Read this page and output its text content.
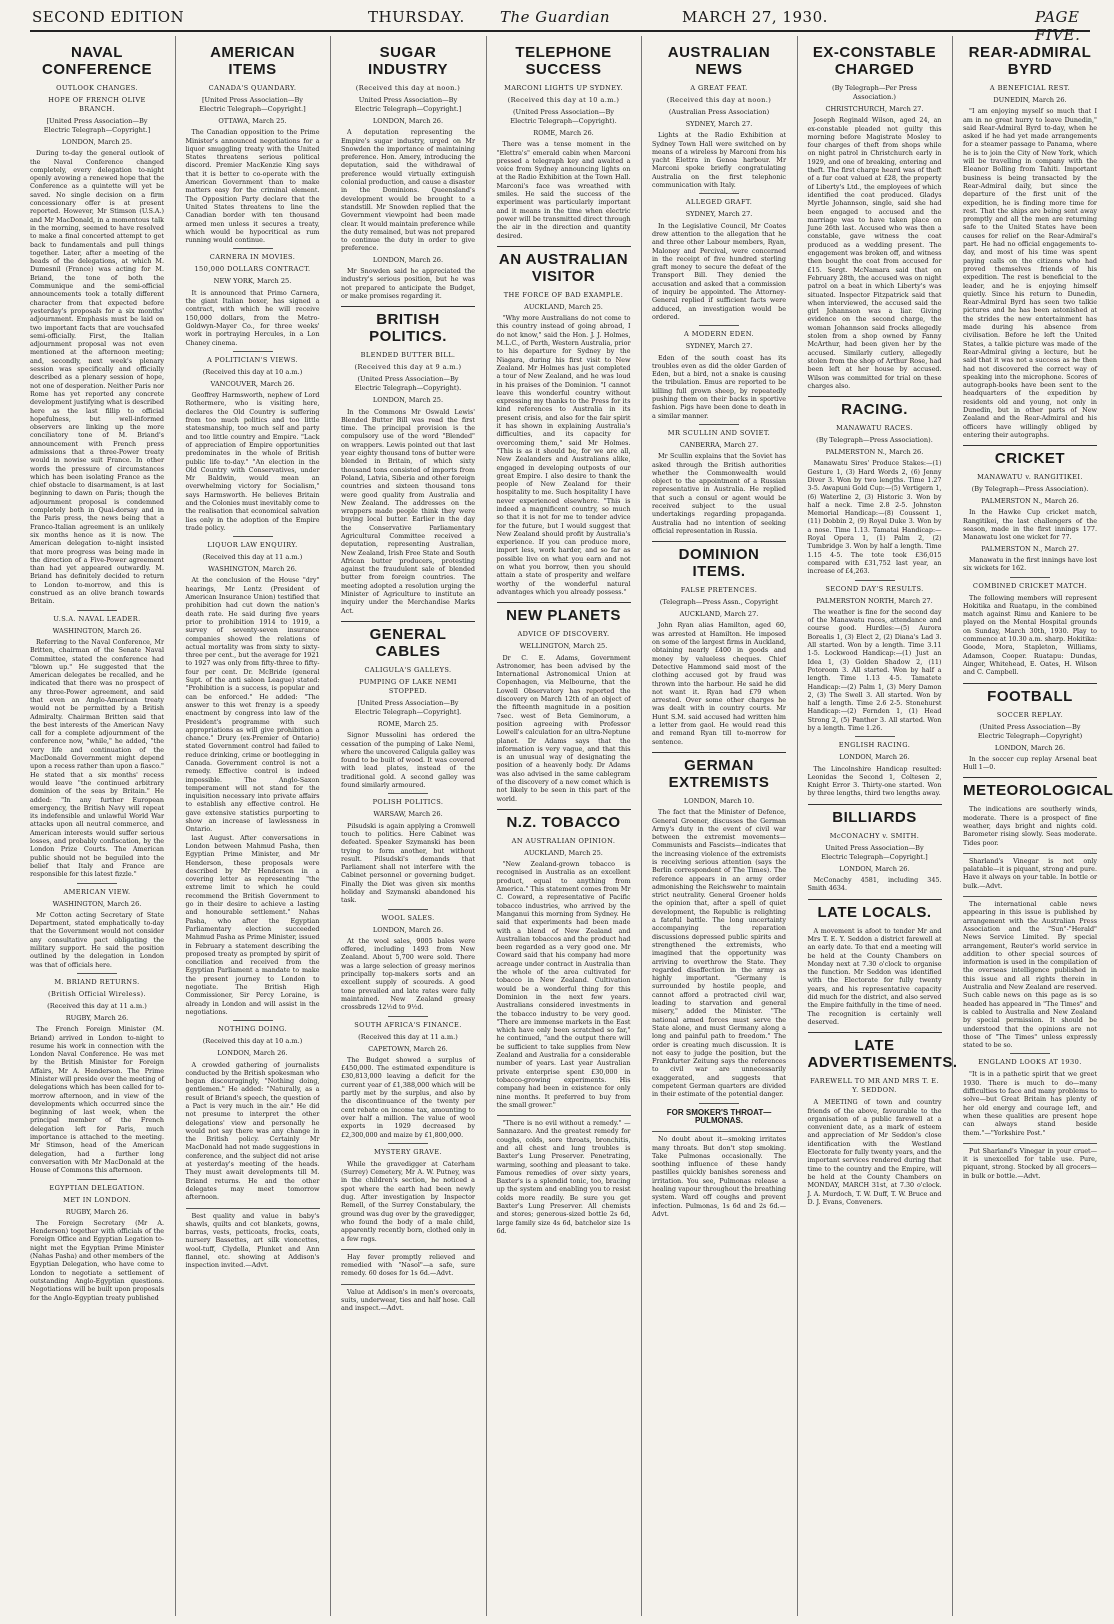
SECOND EDITION	THURSDAY. The Guardian	MARCH 27, 1930.	PAGE FIVE.
NAVAL CONFERENCE
OUTLOOK CHANGES.
HOPE OF FRENCH OLIVE BRANCH.
[United Press Association—By Electric Telegraph—Copyright.]
LONDON, March 25.
During to-day the general outlook of the Naval Conference changed completely, every delegation to-night openly avowing a renewed hope that the Conference as a quintette will yet be saved. No single decision on a firm concessionary offer is at present reported. However, Mr Stimson (U.S.A.) and Mr MacDonald, in a momentous talk in the morning, seemed to have resolved to make a final concerted attempt to get back to fundamentals and pull things together. Later, after a meeting of the heads of the delegations, at which M. Dumesnil (France) was acting for M. Briand, the tone of both the Communique and the semi-official announcements took a totally different character from that expected before yesterday's proposals for a six months' adjournment. Emphasis must be laid on two important facts that are vouchsafed semi-officially. First, the Italian adjournment proposal was not even mentioned at the afternoon meeting; and, secondly, next week's plenary session was specifically and officially described as a plenary session of hope, not one of desperation. Neither Paris nor Rome has yet reported any concrete development justifying what is described here as the last fillip to official hopefulness, but well-informed observers are linking up the more conciliatory tone of M. Briand's announcement with French press admissions that a three-Power treaty would in nowise suit France. In other words the pressure of circumstances which has been isolating France as the chief obstacle to disarmament, is at last beginning to dawn on Paris; though the adjournment proposal is condemned completely both in Quai-dorsay and in the Paris press, the news being that a Franco-Italian agreement is an unlikely six months hence as it is now. The American delegation to-night insisted that more progress was being made in the direction of a Five-Power agreement than had yet appeared outwardly. M. Briand has definitely decided to return to London to-morrow, and this is construed as an olive branch towards Britain.
U.S.A. NAVAL LEADER.
WASHINGTON, March 26.
Referring to the Naval Conference, Mr Britten, chairman of the Senate Naval Committee, stated the conference had "blown up." He suggested that the American delegates be recalled, and he indicated that there was no prospect of any three-Power agreement, and said that even an Anglo-American treaty would not be permitted by a British Admiralty. Chairman Britten said that the best interests of the American Navy call for a complete adjournment of the conference now, "while," he added, "the very life and continuation of the MacDonald Government might depend upon a recess rather than upon a fiasco." He stated that a six months' recess would leave "the continued arbitrary dominion of the seas by Britain." He added: "In any further European emergency, the British Navy will repeat its indefensible and unlawful World War attacks upon all neutral commerce, and American interests would suffer serious losses, and probably confiscation, by the London Prize Courts. The American public should not be beguiled into the belief that Italy and France are responsible for this latest fizzle."
AMERICAN VIEW.
WASHINGTON, March 26.
Mr Cotton acting Secretary of State Department, stated emphatically to-day that the Government would not consider any consultative pact obligating the military support. He said the position outlined by the delegation in London was that of officials here.
M. BRIAND RETURNS.
(British Official Wireless).
(Received this day at 11 a.m.)
RUGBY, March 26.
The French Foreign Minister (M. Briand) arrived in London to-night to resume his work in connection with the London Naval Conference. He was met by the British Minister for Foreign Affairs, Mr A. Henderson. The Prime Minister will preside over the meeting of delegations which has been called for to-morrow afternoon, and in view of the developments which occurred since the beginning of last week, when the principal member of the French delegation left for Paris, much importance is attached to the meeting. Mr Stimson, head of the American delegation, had a further long conversation with Mr MacDonald at the House of Commons this afternoon.
EGYPTIAN DELEGATION.
MET IN LONDON.
RUGBY, March 26.
The Foreign Secretary (Mr A. Henderson) together with officials of the Foreign Office and Egyptian Legation to-night met the Egyptian Prime Minister (Nahas Pasha) and other members of the Egyptian Delegation, who have come to London to negotiate a settlement of outstanding Anglo-Egyptian questions. Negotiations will be built upon proposals for the Anglo-Egyptian treaty published
AMERICAN ITEMS
CANADA'S QUANDARY.
[United Press Association—By Electric Telegraph—Copyright.]
OTTAWA, March 25.
The Canadian opposition to the Prime Minister's announced negotiations for a liquor smuggling treaty with the United States threatens serious political discord. Premier MacKenzie King says that it is better to co-operate with the American Government than to make matters easy for the criminal element. The Opposition Party declare that the United States threatens to line the Canadian border with ten thousand armed men unless it secures a treaty, which would be hypocritical as rum running would continue.
CARNERA IN MOVIES.
150,000 DOLLARS CONTRACT.
NEW YORK, March 25.
It is announced that Primo Carnera, the giant Italian boxer, has signed a contract, with which he will receive 150,000 dollars, from the Metro-Goldwyn-Mayer Co., for three weeks' work in portraying Hercules, in a Lon Chaney cinema.
A POLITICIAN'S VIEWS.
(Received this day at 10 a.m.)
VANCOUVER, March 26.
Geoffrey Harmsworth, nephew of Lord Rothermere, who is visiting here, declares the Old Country is suffering from too much politics and too little statesmanship, too much self and party and too little country and Empire. "Lack of appreciation of Empire opportunities predominates in the whole of British public life to-day." "An election in the Old Country with Conservatives, under Mr Baldwin, would mean an overwhelming victory for Socialism," says Harmsworth. He believes Britain and the Colonies must inevitably come to the realisation that economical salvation lies only in the adoption of the Empire trade policy.
LIQUOR LAW ENQUIRY.
(Received this day at 11 a.m.)
WASHINGTON, March 26.
At the conclusion of the House "dry" hearings, Mr Lentz (President of American Insurance Union) testified that prohibition had cut down the nation's death rate. He said during five years prior to prohibition 1914 to 1919, a survey of seventy-seven insurance companies showed the relations of actual mortality was from sixty to sixty-three per cent., but the average for 1921 to 1927 was only from fifty-three to fifty-four per cent. Dr. McBride (general Supt. of the anti saloon League) stated: "Prohibition is a success, is popular and can be enforced." He added: "The answer to this wet frenzy is a speedy enactment by congress into law of the President's programme with such appropriations as will give prohibition a chance." Drury (ex-Premier of Ontario) stated Government control had failed to reduce drinking, crime or bootlegging in Canada. Government control is not a remedy. Effective control is indeed impossible. The Anglo-Saxon temperament will not stand for the inquisition necessary into private affairs to establish any effective control. He gave extensive statistics purporting to show an increase of lawlessness in Ontario.
last August. After conversations in London between Mahmud Pasha, then Egyptian Prime Minister, and Mr Henderson, these proposals were described by Mr Henderson in a covering letter as representing "the extreme limit to which he could recommend the British Government to go in their desire to achieve a lasting and honourable settlement." Nahas Pasha, who after the Egyptian Parliamentary election succeeded Mahmud Pasha as Prime Minister, issued in February a statement describing the proposed treaty as prompted by spirit of conciliation and received from the Egyptian Parliament a mandate to make the present journey to London to negotiate. The British High Commissioner, Sir Percy Loraine, is already in London and will assist in the negotiations.
NOTHING DOING.
(Received this day at 10 a.m.)
LONDON, March 26.
A crowded gathering of journalists conducted by the British spokesman who began discouragingly, "Nothing doing, gentlemen." He added: "Naturally, as a result of Briand's speech, the question of a Pact is very much in the air." He did not presume to interpret the other delegations' view and personally he would not say there was any change in the British policy. Certainly Mr MacDonald had not made suggestions in conference, and the subject did not arise at yesterday's meeting of the heads. They must await developments till M. Briand returns. He and the other delegates may meet tomorrow afternoon.
Best quality and value in baby's shawls, quilts and cot blankets, gowns, barras, vests, petticoats, frocks, coats, nursery Bassettes, art silk vioncettes, wool-tuff, Clydella, Plunket and Ann flannel, etc. showing at Addison's inspection invited.—Advt.
SUGAR INDUSTRY
(Received this day at noon.)
United Press Association—By Electric Telegraph—Copyright.]
LONDON, March 26.
A deputation representing the Empire's sugar industry, urged on Mr Snowden the importance of maintaining preference. Hon. Amery, introducing the deputation, said the withdrawal of preference would virtually extinguish colonial production, and cause a disaster in the Dominions. Queensland's development would be brought to a standstill. Mr Snowden replied that the Government viewpoint had been made clear. It would maintain preference while the duty remained, but was not prepared to continue the duty in order to give preference.
LONDON, March 26.
Mr Snowden said he appreciated the industry's serious position, but he was not prepared to anticipate the Budget, or make promises regarding it.
BRITISH POLITICS.
BLENDED BUTTER BILL.
(Received this day at 9 a.m.)
(United Press Association—By Electric Telegraph—Copyright).
LONDON, March 25.
In the Commons Mr Oswald Lewis' Blended Butter Bill was read the first time. The principal provision is the compulsory use of the word "Blended" on wrappers. Lewis pointed out that last year eighty thousand tons of butter were blended in Britain, of which sixty thousand tons consisted of imports from Poland, Latvia, Siberia and other foreign countries and sixteen thousand tons were good quality from Australia and New Zealand. The addresses on the wrappers made people think they were buying local butter. Earlier in the day the Conservative Parliamentary Agricultural Committee received a deputation, representing Australian, New Zealand, Irish Free State and South African butter producers, protesting against the fraudulent sale of blended butter from foreign countries. The meeting adopted a resolution urging the Minister of Agriculture to institute an inquiry under the Merchandise Marks Act.
GENERAL CABLES
CALIGULA'S GALLEYS.
PUMPING OF LAKE NEMI STOPPED.
[United Press Association—By Electric Telegraph—Copyright].
ROME, March 25.
Signor Mussolini has ordered the cessation of the pumping of Lake Nemi, where the uncovered Caligula galley was found to be built of wood. It was covered with lead plates, instead of the traditional gold. A second galley was found similarly armoured.
POLISH POLITICS.
WARSAW, March 26.
Pilsudski is again applying a Cromwell touch to politics. Here Cabinet was defeated. Speaker Szymanski has been trying to form another, but without result. Pilsudski's demands that Parliament shall not interfere with the Cabinet personnel or governing budget. Finally the Diet was given six months holiday and Szymanski abandoned his task.
WOOL SALES.
LONDON, March 26.
At the wool sales, 9005 bales were offered, including 1493 from New Zealand. About 5,700 were sold. There was a large selection of greasy merinos principally top-makers sorts and an excellent supply of scoureds. A good tone prevailed and late rates were fully maintained. New Zealand greasy crossbreds 12½d to 9½d.
SOUTH AFRICA'S FINANCE.
(Received this day at 11 a.m.)
CAPETOWN, March 26.
The Budget showed a surplus of £450,000. The estimated expenditure is £30,813,000 leaving a deficit for the current year of £1,388,000 which will be partly met by the surplus, and also by the discontinuance of the twenty per cent rebate on income tax, amounting to over half a million. The value of wool exports in 1929 decreased by £2,300,000 and maize by £1,800,000.
MYSTERY GRAVE.
While the gravedigger at Caterham (Surrey) Cemetery, Mr A. W. Putney, was in the children's section, he noticed a spot where the earth had been newly dug. After investigation by Inspector Remell, of the Surrey Constabulary, the ground was dug over by the gravedigger, who found the body of a male child, apparently recently born, clothed only in a few rags.
Hay fever promptly relieved and remedied with "Nasol"—a safe, sure remedy. 60 doses for 1s 6d.—Advt.
Value at Addison's in men's overcoats, suits, underwear, ties and half hose. Call and inspect.—Advt.
TELEPHONE SUCCESS
MARCONI LIGHTS UP SYDNEY.
(Received this day at 10 a.m.)
(United Press Association—By Electric Telegraph—Copyright).
ROME, March 26.
There was a tense moment in the "Elettra's" emerald cabin when Marconi pressed a telegraph key and awaited a voice from Sydney announcing lights on at the Radio Exhibition at the Town Hall. Marconi's face was wreathed with smiles. He said the success of the experiment was particularly important and it means in the time when electric power will be transmitted direct through the air in the direction and quantity desired.
AN AUSTRALIAN VISITOR
THE FORCE OF BAD EXAMPLE.
AUCKLAND, March 25.
"Why more Australians do not come to this country instead of going abroad, I do not know," said the Hon. J. J. Holmes, M.L.C., of Perth, Western Australia, prior to his departure for Sydney by the Niagara, during his first visit to New Zealand. Mr Holmes has just completed a tour of New Zealand, and he was loud in his praises of the Dominion. "I cannot leave this wonderful country without expressing my thanks to the Press for its kind references to Australia in its present crisis, and also for the fair spirit it has shown in explaining Australia's difficulties, and its capacity for overcoming them," said Mr Holmes. "This is as it should be, for we are all, New Zealanders and Australians alike, engaged in developing outposts of our great Empire. I also desire to thank the people of New Zealand for their hospitality to me. Such hospitality I have never experienced elsewhere. "This is indeed a magnificent country, so much so that it is not for me to tender advice for the future, but I would suggest that New Zealand should profit by Australia's experience. If you can produce more, import less, work harder, and so far as possible live on what you earn and not on what you borrow, then you should attain a state of prosperity and welfare worthy of the wonderful natural advantages which you already possess."
NEW PLANETS
ADVICE OF DISCOVERY.
WELLINGTON, March 25.
Dr C. E. Adams, Government Astronomer, has been advised by the International Astronomical Union at Copenhagen, via Melbourne, that the Lowell Observatory has reported the discovery on March 12th of an object of the fifteenth magnitude in a position 7sec. west of Beta Geminorum, a position agreeing with Professor Lowell's calculation for an ultra-Neptune planet. Dr Adams says that the information is very vague, and that this is an unusual way of designating the position of a heavenly body. Dr Adams was also advised in the same cablegram of the discovery of a new comet which is not likely to be seen in this part of the world.
N.Z. TOBACCO
AN AUSTRALIAN OPINION.
AUCKLAND, March 25.
"New Zealand-grown tobacco is recognised in Australia as an excellent product, equal to anything from America." This statement comes from Mr C. Coward, a representative of Pacific tobacco industries, who arrived by the Manganui this morning from Sydney. He said that experiments had been made with a blend of New Zealand and Australian tobaccos and the product had been regarded as a very good one. Mr Coward said that his company had more acreage under contract in Australia than the whole of the area cultivated for tobacco in New Zealand. Cultivation would be a wonderful thing for this Dominion in the next few years. Australians considered investments in the tobacco industry to be very good. "There are immense markets in the East which have only been scratched so far," he continued, "and the output there will be sufficient to take supplies from New Zealand and Australia for a considerable number of years. Last year Australian private enterprise spent £30,000 in tobacco-growing experiments. His company had been in existence for only nine months. It preferred to buy from the small grower."
"There is no evil without a remedy." —Sannazaro. And the greatest remedy for coughs, colds, sore throats, bronchitis, and all chest and lung troubles is Baxter's Lung Preserver. Penetrating, warming, soothing and pleasant to take. Famous remedies of over sixty years, Baxter's is a splendid tonic, too, bracing up the system and enabling you to resist colds more readily. Be sure you get Baxter's Lung Preserver. All chemists and stores; generous-sized bottle 2s 6d, large family size 4s 6d, batchelor size 1s 6d.
AUSTRALIAN NEWS
A GREAT FEAT.
(Received this day at noon.)
(Australian Press Association)
SYDNEY, March 27.
Lights at the Radio Exhibition at Sydney Town Hall were switched on by means of a wireless by Marconi from his yacht Elettra in Genoa harbour. Mr Marconi spoke briefly congratulating Australia on the first telephonic communication with Italy.
ALLEGED GRAFT.
SYDNEY, March 27.
In the Legislative Council, Mr Coates drew attention to the allegation that he and three other Labour members, Ryan, Maloney and Percival, were concerned in the receipt of five hundred sterling graft money to secure the defeat of the Transport Bill. They denied the accusation and asked that a commission of inquiry be appointed. The Attorney-General replied if sufficient facts were adduced, an investigation would be ordered.
A MODERN EDEN.
SYDNEY, March 27.
Eden of the south coast has its troubles even as did the older Garden of Eden, but a bird, not a snake is causing the tribulation. Emus are reported to be killing full grown sheep, by repeatedly pushing them on their backs in sportive fashion. Pigs have been done to death in a similar manner.
MR SCULLIN AND SOVIET.
CANBERRA, March 27.
Mr Scullin explains that the Soviet has asked through the British authorities whether the Commonwealth would object to the appointment of a Russian representative in Australia. He replied that such a consul or agent would be received subject to the usual undertakings regarding propaganda. Australia had no intention of seeking official representation in Russia.
DOMINION ITEMS.
FALSE PRETENCES.
(Telegraph—Press Assn., Copyright
AUCKLAND, March 27.
John Ryan alias Hamilton, aged 60, was arrested at Hamilton. He imposed on some of the largest firms in Auckland, obtaining nearly £400 in goods and money by valueless cheques. Chief Detective Hammond said most of the clothing accused got by fraud was thrown into the harbour. He said he did not want it. Ryan had £79 when arrested. Over some other charges he was dealt with in country courts. Mr Hunt S.M. said accused had written him a letter from gaol. He would read this and remand Ryan till to-morrow for sentence.
GERMAN EXTREMISTS
LONDON, March 10.
The fact that the Minister of Defence, General Groener, discusses the German Army's duty in the event of civil war between the extremist movements—Communists and Fascists—indicates that the increasing violence of the extremists is receiving serious attention (says the Berlin correspondent of The Times). The reference appears in an army order admonishing the Reichswehr to maintain strict neutrality. General Groener holds the opinion that, after a spell of quiet development, the Republic is relighting a fateful battle. The long uncertainty accompanying the reparation discussions depressed public spirits and strengthened the extremists, who imagined that the opportunity was arriving to overthrow the State. They regarded disaffection in the army as highly important. "Germany is surrounded by hostile people, and cannot afford a protracted civil war, leading to starvation and general misery," added the Minister. "The national armed forces must serve the State alone, and must Germany along a long and painful path to freedom." The order is creating much discussion. It is not easy to judge the position, but the Frankfurter Zeitung says the references to civil war are unnecessarily exaggerated, and suggests that competent German quarters are divided in their estimate of the potential danger.
FOR SMOKER'S THROAT—PULMONAS.
No doubt about it—smoking irritates many throats. But don't stop smoking. Take Pulmonas occasionally. The soothing influence of these handy pastilles quickly banishes soreness and irritation. You see, Pulmonas release a healing vapour throughout the breathing system. Ward off coughs and prevent infection. Pulmonas, 1s 6d and 2s 6d.—Advt.
EX-CONSTABLE CHARGED
(By Telegraph—Per Press Association.)
CHRISTCHURCH, March 27.
Joseph Reginald Wilson, aged 24, an ex-constable pleaded not guilty this morning before Magistrate Mosley to four charges of theft from shops while on night patrol in Christchurch early in 1929, and one of breaking, entering and theft. The first charge heard was of theft of a fur coat valued at £28, the property of Liberty's Ltd., the employees of which identified the coat produced. Gladys Myrtle Johannson, single, said she had been engaged to accused and the marriage was to have taken place on June 26th last. Accused who was then a constable, gave witness the coat produced as a wedding present. The engagement was broken off, and witness then bought the coat from accused for £15. Sergt. McNamara said that on February 28th, the accused was on night patrol on a beat in which Liberty's was situated. Inspector Fitzpatrick said that when interviewed, the accused said the girl Johannson was a liar. Giving evidence on the second charge, the woman Johannson said frocks allegedly stolen from a shop owned by Fanny McArthur, had been given her by the accused. Similarly cutlery, allegedly stolen from the shop of Arthur Rose, had been left at her house by accused. Wilson was committed for trial on these charges also.
RACING.
MANAWATU RACES.
(By Telegraph—Press Association).
PALMERSTON N., March 26.
Manawatu Sires' Produce Stakes:—(1) Gesture 1, (3) Hard Words 2, (6) Jenny Diver 3. Won by two lengths. Time 1.27 3-5. Awapuni Gold Cup:—(5) Vertigern 1, (6) Waterline 2, (3) Historic 3. Won by half a neck. Time 2.8 2-5. Johnston Memorial Handicap:—(8) Coussent 1, (11) Dobbin 2, (9) Royal Duke 3. Won by a nose. Time 1.13. Tamatai Handicap:—Royal Opera 1, (1) Palm 2, (2) Tumbridge 3. Won by half a length. Time 1.15 4-5. The tote took £36,015 compared with £31,752 last year, an increase of £4,263.
SECOND DAY'S RESULTS.
PALMERSTON NORTH, March 27.
The weather is fine for the second day of the Manawatu races, attendance and course good. Hurdles:—(5) Aurora Borealis 1, (3) Elect 2, (2) Diana's Lad 3. All started. Won by a length. Time 3.11 1-5. Lockwood Handicap:—(1) Just an Idea 1, (3) Golden Shadow 2, (11) Potoroom 3. All started. Won by half a length. Time 1.13 4-5. Tamatete Handicap:—(2) Palm 1, (3) Mery Damon 2, (3) The Swell 3. All started. Won by half a length. Time 2.6 2-5. Stonehurst Handicap:—(2) Fernden 1, (1) Head Strong 2, (5) Panther 3. All started. Won by a length. Time 1.26.
ENGLISH RACING.
LONDON, March 26.
The Lincolnshire Handicap resulted: Leonidas the Second 1, Coltesen 2, Knight Error 3. Thirty-one started. Won by three lengths, third two lengths away.
BILLIARDS
McCONACHY v. SMITH.
United Press Association—By Electric Telegraph—Copyright.]
LONDON, March 26.
McConachy 4581, including 345. Smith 4634.
LATE LOCALS.
A movement is afoot to tender Mr and Mrs T. E. Y. Seddon a district farewell at an early date. To that end a meeting will be held at the County Chambers on Monday next at 7.30 o'clock to organise the function. Mr Seddon was identified with the Electorate for fully twenty years, and his representative capacity did much for the district, and also served the Empire faithfully in the time of need. The recognition is certainly well deserved.
LATE ADVERTISEMENTS.
FAREWELL TO MR AND MRS T. E. Y. SEDDON.
A MEETING of town and country friends of the above, favourable to the organisation of a public farewell at a convenient date, as a mark of esteem and appreciation of Mr Seddon's close identification with the Westland Electorate for fully twenty years, and the important services rendered during that time to the country and the Empire, will be held at the County Chambers on MONDAY, MARCH 31st, at 7.30 o'clock. J. A. Murdoch, T. W. Duff, T. W. Bruce and D. J. Evans, Conveners.
REAR-ADMIRAL BYRD
A BENEFICIAL REST.
DUNEDIN, March 26.
"I am enjoying myself so much that I am in no great hurry to leave Dunedin," said Rear-Admiral Byrd to-day, when he asked if he had yet made arrangements for a steamer passage to Panama, where he is to join the City of New York, which will be travelling in company with the Eleanor Bolling from Tahiti. Important business is being transacted by the Rear-Admiral daily, but since the departure of the first unit of the expedition, he is finding more time for rest. That the ships are being sent away promptly and all the men are returning safe to the United States have been causes for relief on the Rear-Admiral's part. He had no official engagements to-day, and most of his time was spent paying calls on the citizens who had proved themselves friends of his expedition. The rest is beneficial to the leader, and he is enjoying himself quietly. Since his return to Dunedin, Rear-Admiral Byrd has seen two talkie pictures and he has been astonished at the strides the new entertainment has made during his absence from civilisation. Before he left the United States, a talkie picture was made of the Rear-Admiral giving a lecture, but he said that it was not a success as he then had not discovered the correct way of speaking into the microphone. Scores of autograph-books have been sent to the headquarters of the expedition by residents old and young, not only in Dunedin, but in other parts of New Zealand and the Rear-Admiral and his officers have willingly obliged by entering their autographs.
CRICKET
MANAWATU v. RANGITIKEI.
(By Telegraph—Press Association).
PALMERSTON N., March 26.
In the Hawke Cup cricket match, Rangitikei, the last challengers of the season, made in the first innings 177. Manawatu lost one wicket for 77.
PALMERSTON N., March 27.
Manawatu in the first innings have lost six wickets for 162.
COMBINED CRICKET MATCH.
The following members will represent Hokitika and Ruatapu, in the combined match against Rimu and Kaniere to be played on the Mental Hospital grounds on Sunday, March 30th, 1930. Play to commence at 10.30 a.m. sharp. Hokitika: Goode, Mora, Stapleton, Williams, Adamson, Cooper. Ruatapu: Dundas, Ainger, Whitehead, E. Oates, H. Wilson and C. Campbell.
FOOTBALL
SOCCER REPLAY.
(United Press Association—By Electric Telegraph—Copyright)
LONDON, March 26.
In the soccer cup replay Arsenal beat Hull 1—0.
METEOROLOGICAL
The indications are southerly winds, moderate. There is a prospect of fine weather, days bright and nights cold. Barometer rising slowly. Seas moderate. Tides poor.
Sharland's Vinegar is not only palatable—it is piquant, strong and pure. Have it always on your table. In bottle or bulk.—Advt.
The international cable news appearing in this issue is published by arrangement with the Australian Press Association and the "Sun"-"Herald" News Service Limited. By special arrangement, Reuter's world service in addition to other special sources of information is used in the compilation of the overseas intelligence published in this issue and all rights therein in Australia and New Zealand are reserved. Such cable news on this page as is so headed has appeared in "The Times" and is cabled to Australia and New Zealand by special permission. It should be understood that the opinions are not those of "The Times" unless expressly stated to be so.
ENGLAND LOOKS AT 1930.
"It is in a pathetic spirit that we greet 1930. There is much to do—many difficulties to face and many problems to solve—but Great Britain has plenty of her old energy and courage left, and when these qualities are present hope can always stand beside them."—"Yorkshire Post."
Put Sharland's Vinegar in your cruet—it is unexcelled for table use. Pure, piquant, strong. Stocked by all grocers—in bulk or bottle.—Advt.
